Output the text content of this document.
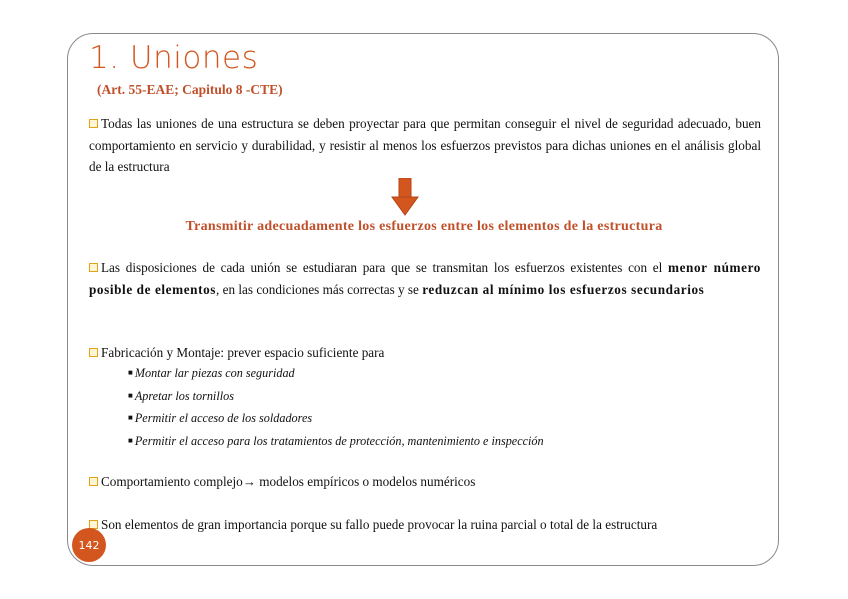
1. Uniones
(Art. 55-EAE; Capitulo 8 -CTE)
Todas las uniones de una estructura se deben proyectar para que permitan conseguir el nivel de seguridad adecuado, buen comportamiento en servicio y durabilidad, y resistir al menos los esfuerzos previstos para dichas uniones en el análisis global de la estructura
Transmitir adecuadamente los esfuerzos entre los elementos de la estructura
Las disposiciones de cada unión se estudiaran para que se transmitan los esfuerzos existentes con el menor número posible de elementos, en las condiciones más correctas y se reduzcan al mínimo los esfuerzos secundarios
Fabricación y Montaje: prever espacio suficiente para
■ Montar lar piezas con seguridad
■ Apretar los tornillos
■ Permitir el acceso de los soldadores
■ Permitir el acceso para los tratamientos de protección, mantenimiento e inspección
Comportamiento complejo→ modelos empíricos o modelos numéricos
Son elementos de gran importancia porque su fallo puede provocar la ruina parcial o total de la estructura
142
